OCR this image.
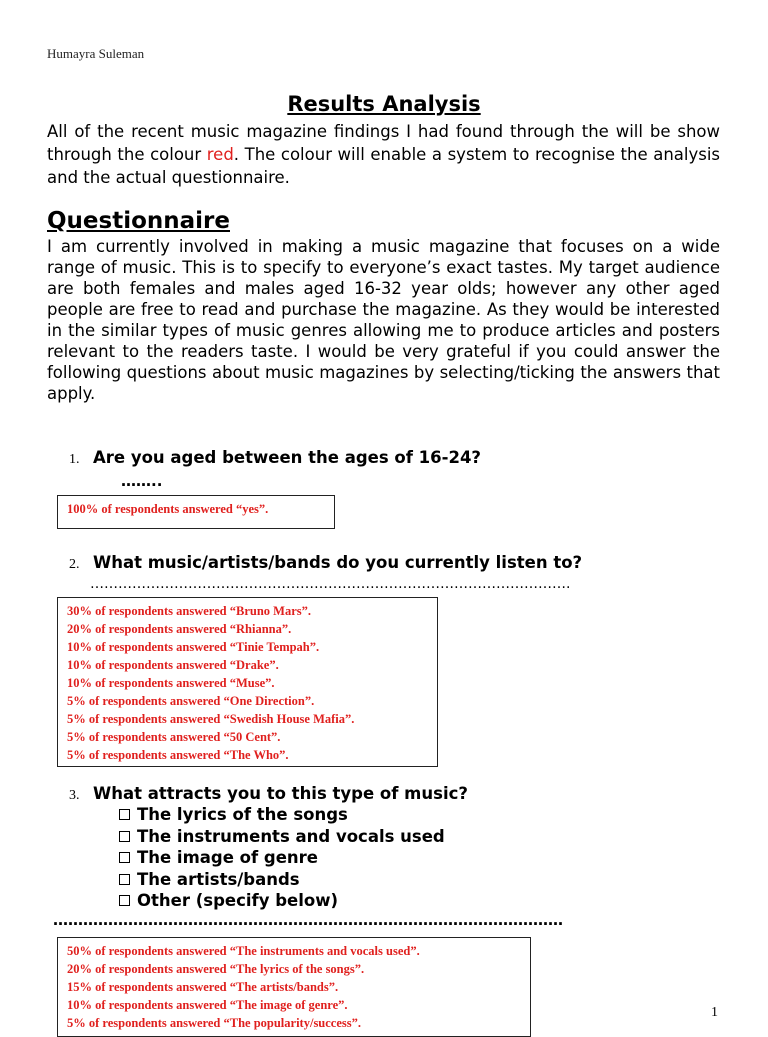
Humayra Suleman
Results Analysis
All of the recent music magazine findings I had found through the will be show through the colour red. The colour will enable a system to recognise the analysis and the actual questionnaire.
Questionnaire
I am currently involved in making a music magazine that focuses on a wide range of music. This is to specify to everyone’s exact tastes. My target audience are both females and males aged 16-32 year olds; however any other aged people are free to read and purchase the magazine. As they would be interested in the similar types of music genres allowing me to produce articles and posters relevant to the readers taste. I would be very grateful if you could answer the following questions about music magazines by selecting/ticking the answers that apply.
1. Are you aged between the ages of 16-24?
……..
100% of respondents answered “yes”.
2. What music/artists/bands do you currently listen to?
………………………………………………………………………………………….
30% of respondents answered “Bruno Mars”.
20% of respondents answered “Rhianna”.
10% of respondents answered “Tinie Tempah”.
10% of respondents answered “Drake”.
10% of respondents answered “Muse”.
5% of respondents answered “One Direction”.
5% of respondents answered “Swedish House Mafia”.
5% of respondents answered “50 Cent”.
5% of respondents answered “The Who”.
3. What attracts you to this type of music?
The lyrics of the songs
The instruments and vocals used
The image of genre
The artists/bands
Other (specify below)
…………………………………………………………………………………………
50% of respondents answered “The instruments and vocals used”.
20% of respondents answered “The lyrics of the songs”.
15% of respondents answered “The artists/bands”.
10% of respondents answered “The image of genre”.
5% of respondents answered “The popularity/success”.
1
